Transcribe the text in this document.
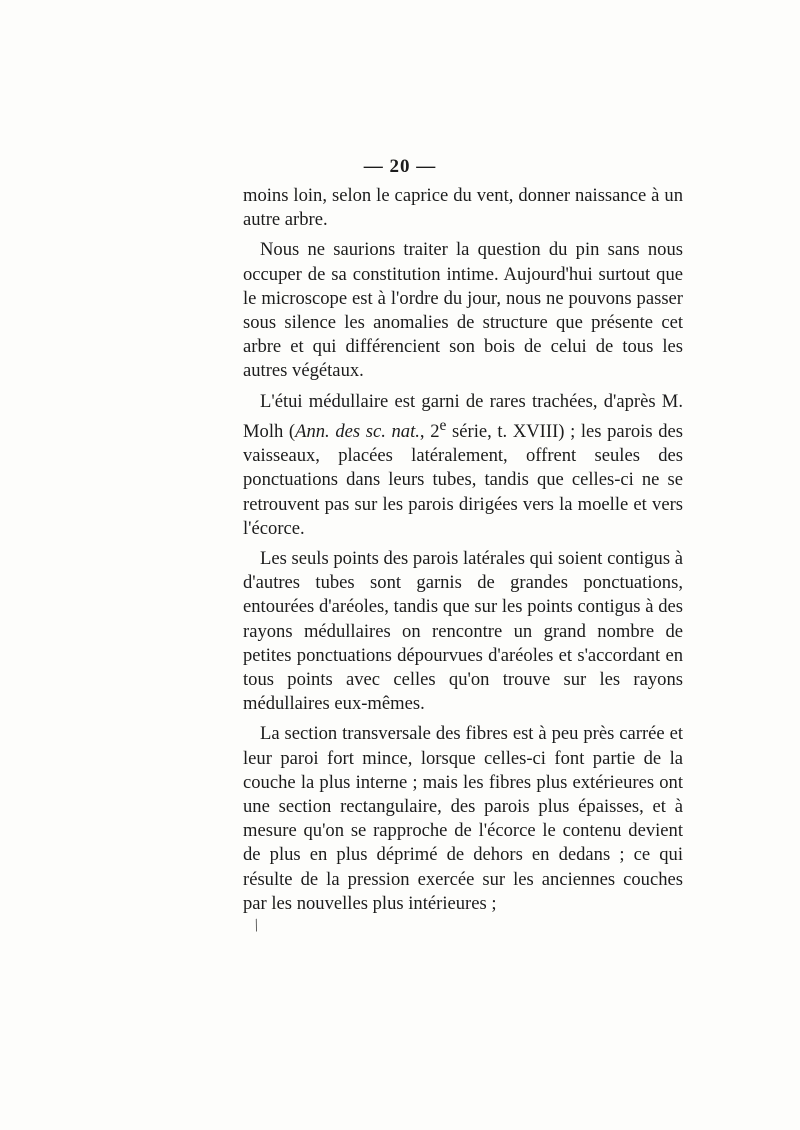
— 20 —

moins loin, selon le caprice du vent, donner naissance à un autre arbre.

Nous ne saurions traiter la question du pin sans nous occuper de sa constitution intime. Aujourd'hui surtout que le microscope est à l'ordre du jour, nous ne pouvons passer sous silence les anomalies de structure que présente cet arbre et qui différencient son bois de celui de tous les autres végétaux.

L'étui médullaire est garni de rares trachées, d'après M. Molh (Ann. des sc. nat., 2e série, t. XVIII) ; les parois des vaisseaux, placées latéralement, offrent seules des ponctuations dans leurs tubes, tandis que celles-ci ne se retrouvent pas sur les parois dirigées vers la moelle et vers l'écorce.

Les seuls points des parois latérales qui soient contigus à d'autres tubes sont garnis de grandes ponctuations, entourées d'aréoles, tandis que sur les points contigus à des rayons médullaires on rencontre un grand nombre de petites ponctuations dépourvues d'aréoles et s'accordant en tous points avec celles qu'on trouve sur les rayons médullaires eux-mêmes.

La section transversale des fibres est à peu près carrée et leur paroi fort mince, lorsque celles-ci font partie de la couche la plus interne ; mais les fibres plus extérieures ont une section rectangulaire, des parois plus épaisses, et à mesure qu'on se rapproche de l'écorce le contenu devient de plus en plus déprimé de dehors en dedans ; ce qui résulte de la pression exercée sur les anciennes couches par les nouvelles plus intérieures ;

/
